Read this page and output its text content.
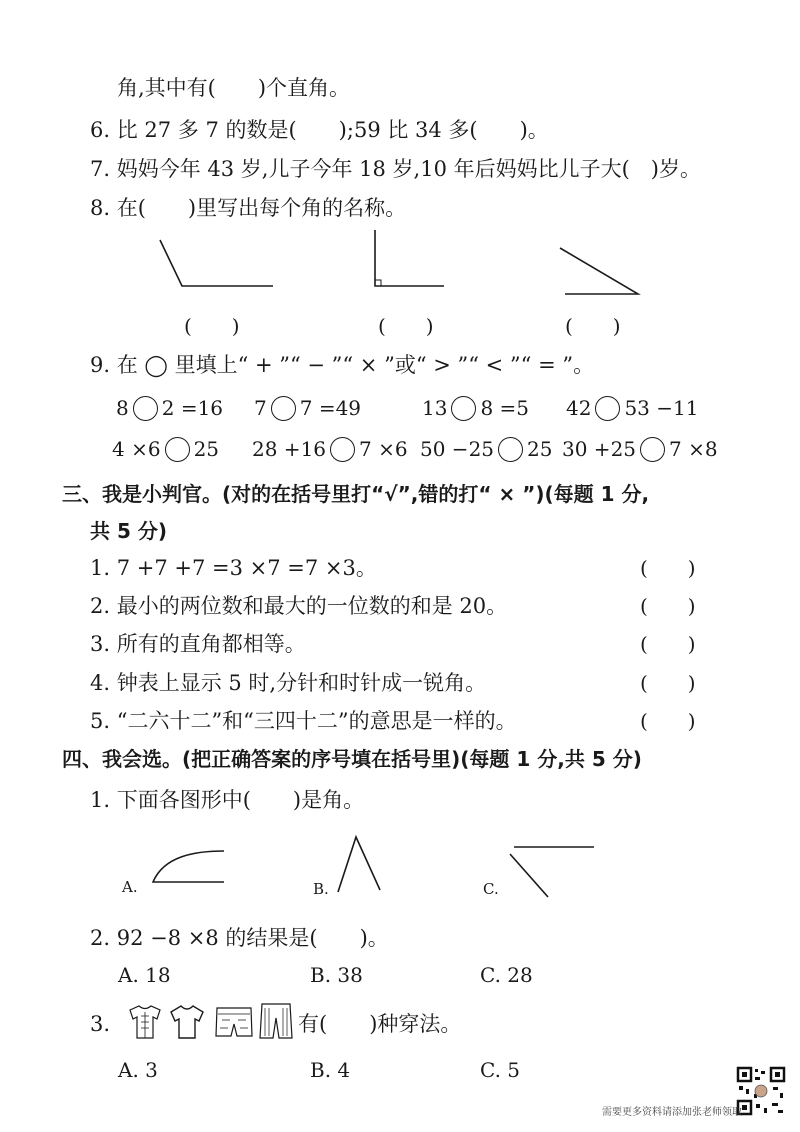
角,其中有(　　)个直角。
6. 比 27 多 7 的数是(　　);59 比 34 多(　　)。
7. 妈妈今年 43 岁,儿子今年 18 岁,10 年后妈妈比儿子大(　)岁。
8. 在(　　)里写出每个角的名称。
(　　)	(　　)	(　　)
9. 在 ◯ 里填上“ + ”“ − ”“ × ”或“ > ”“ < ”“ = ”。
8 2 =16 7 7 =49	13 8 =5 42 53 −11
4 ×6 25 28 +16 7 ×6 50 −25 25 30 +25 7 ×8
三、我是小判官。(对的在括号里打“√”,错的打“ × ”)(每题 1 分,
共 5 分)
1. 7 +7 +7 =3 ×7 =7 ×3。	(　　)
2. 最小的两位数和最大的一位数的和是 20。	(　　)
3. 所有的直角都相等。	(　　)
4. 钟表上显示 5 时,分针和时针成一锐角。	(　　)
5. “二六十二”和“三四十二”的意思是一样的。	(　　)
四、我会选。(把正确答案的序号填在括号里)(每题 1 分,共 5 分)
1. 下面各图形中(　　)是角。
A.	B.	C.
2. 92 −8 ×8 的结果是(　　)。
A. 18	B. 38	C. 28
3.	有(　　)种穿法。
A. 3	B. 4	C. 5
需要更多资料请添加张老师领取
